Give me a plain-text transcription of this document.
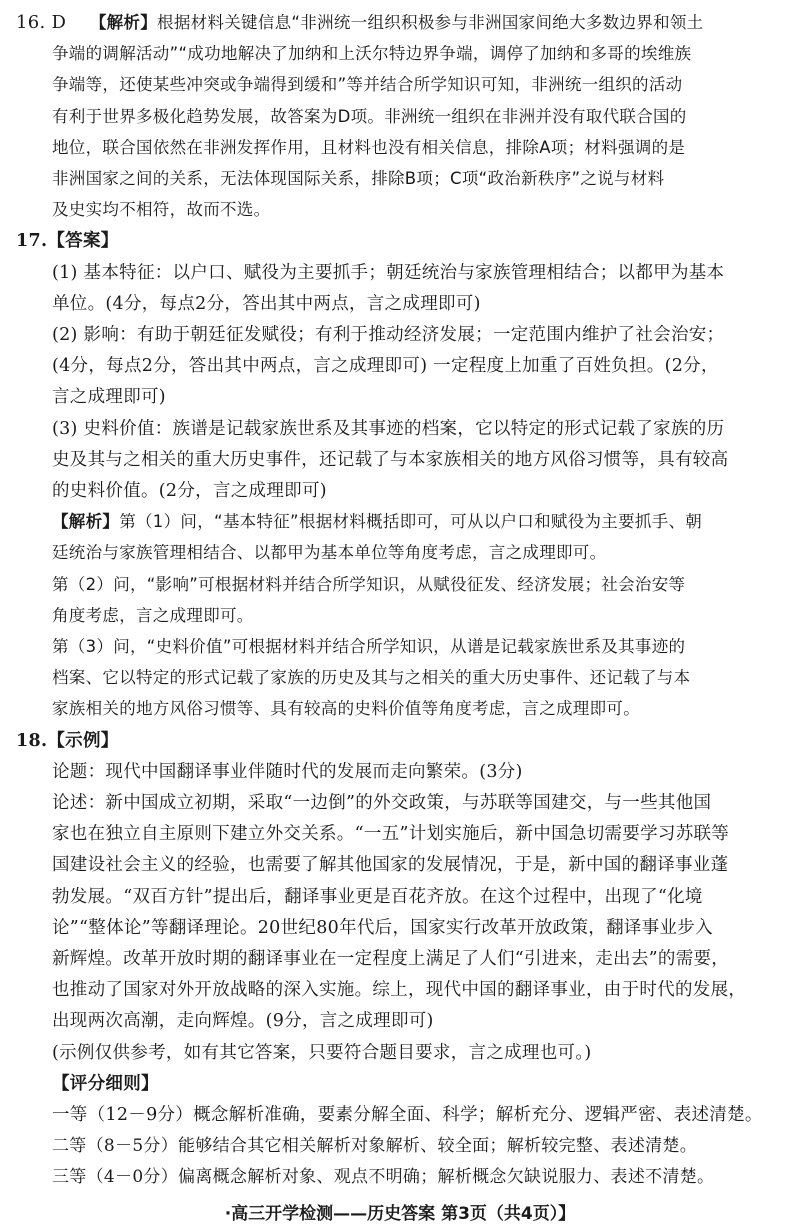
16. D 【解析】根据材料关键信息“非洲统一组织积极参与非洲国家间绝大多数边界和领土
争端的调解活动”“成功地解决了加纳和上沃尔特边界争端，调停了加纳和多哥的埃维族
争端等，还使某些冲突或争端得到缓和”等并结合所学知识可知，非洲统一组织的活动
有利于世界多极化趋势发展，故答案为D项。非洲统一组织在非洲并没有取代联合国的
地位，联合国依然在非洲发挥作用，且材料也没有相关信息，排除A项；材料强调的是
非洲国家之间的关系，无法体现国际关系，排除B项；C项“政治新秩序”之说与材料
及史实均不相符，故而不选。
17.【答案】
(1) 基本特征：以户口、赋役为主要抓手；朝廷统治与家族管理相结合；以都甲为基本
单位。(4分，每点2分，答出其中两点，言之成理即可)
(2) 影响：有助于朝廷征发赋役；有利于推动经济发展；一定范围内维护了社会治安；
(4分，每点2分，答出其中两点，言之成理即可) 一定程度上加重了百姓负担。(2分，
言之成理即可)
(3) 史料价值：族谱是记载家族世系及其事迹的档案，它以特定的形式记载了家族的历
史及其与之相关的重大历史事件，还记载了与本家族相关的地方风俗习惯等，具有较高
的史料价值。(2分，言之成理即可)
【解析】第（1）问，“基本特征”根据材料概括即可，可从以户口和赋役为主要抓手、朝
廷统治与家族管理相结合、以都甲为基本单位等角度考虑，言之成理即可。
第（2）问，“影响”可根据材料并结合所学知识，从赋役征发、经济发展；社会治安等
角度考虑，言之成理即可。
第（3）问，“史料价值”可根据材料并结合所学知识，从谱是记载家族世系及其事迹的
档案、它以特定的形式记载了家族的历史及其与之相关的重大历史事件、还记载了与本
家族相关的地方风俗习惯等、具有较高的史料价值等角度考虑，言之成理即可。
18.【示例】
论题：现代中国翻译事业伴随时代的发展而走向繁荣。(3分)
论述：新中国成立初期，采取“一边倒”的外交政策，与苏联等国建交，与一些其他国
家也在独立自主原则下建立外交关系。“一五”计划实施后，新中国急切需要学习苏联等
国建设社会主义的经验，也需要了解其他国家的发展情况，于是，新中国的翻译事业蓬
勃发展。“双百方针”提出后，翻译事业更是百花齐放。在这个过程中，出现了“化境
论”“整体论”等翻译理论。20世纪80年代后，国家实行改革开放政策，翻译事业步入
新辉煌。改革开放时期的翻译事业在一定程度上满足了人们“引进来，走出去”的需要，
也推动了国家对外开放战略的深入实施。综上，现代中国的翻译事业，由于时代的发展，
出现两次高潮，走向辉煌。(9分，言之成理即可)
(示例仅供参考，如有其它答案，只要符合题目要求，言之成理也可。)
【评分细则】
一等（12－9分）概念解析准确，要素分解全面、科学；解析充分、逻辑严密、表述清楚。
二等（8－5分）能够结合其它相关解析对象解析、较全面；解析较完整、表述清楚。
三等（4－0分）偏离概念解析对象、观点不明确；解析概念欠缺说服力、表述不清楚。
·高三开学检测——历史答案 第3页（共4页）】
